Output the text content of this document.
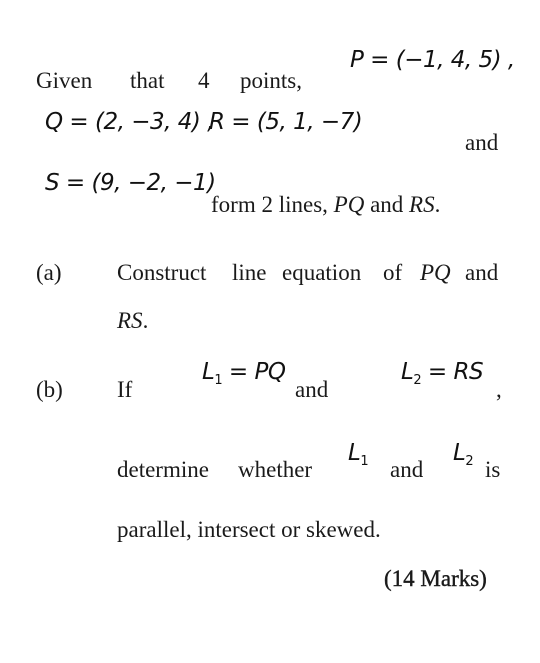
Given that 4 points,
P = (−1, 4, 5) ,
Q = (2, −3, 4) ,
R = (5, 1, −7)
and
S = (9, −2, −1)
form 2 lines, PQ and RS.
(a) Construct line equation of PQ and
RS.
(b) If
$L_1$ = PQ
and
$L_2$ = RS
,
determine whether
$L_1$ and
$L_2$ is
parallel, intersect or skewed.
(14 Marks)
